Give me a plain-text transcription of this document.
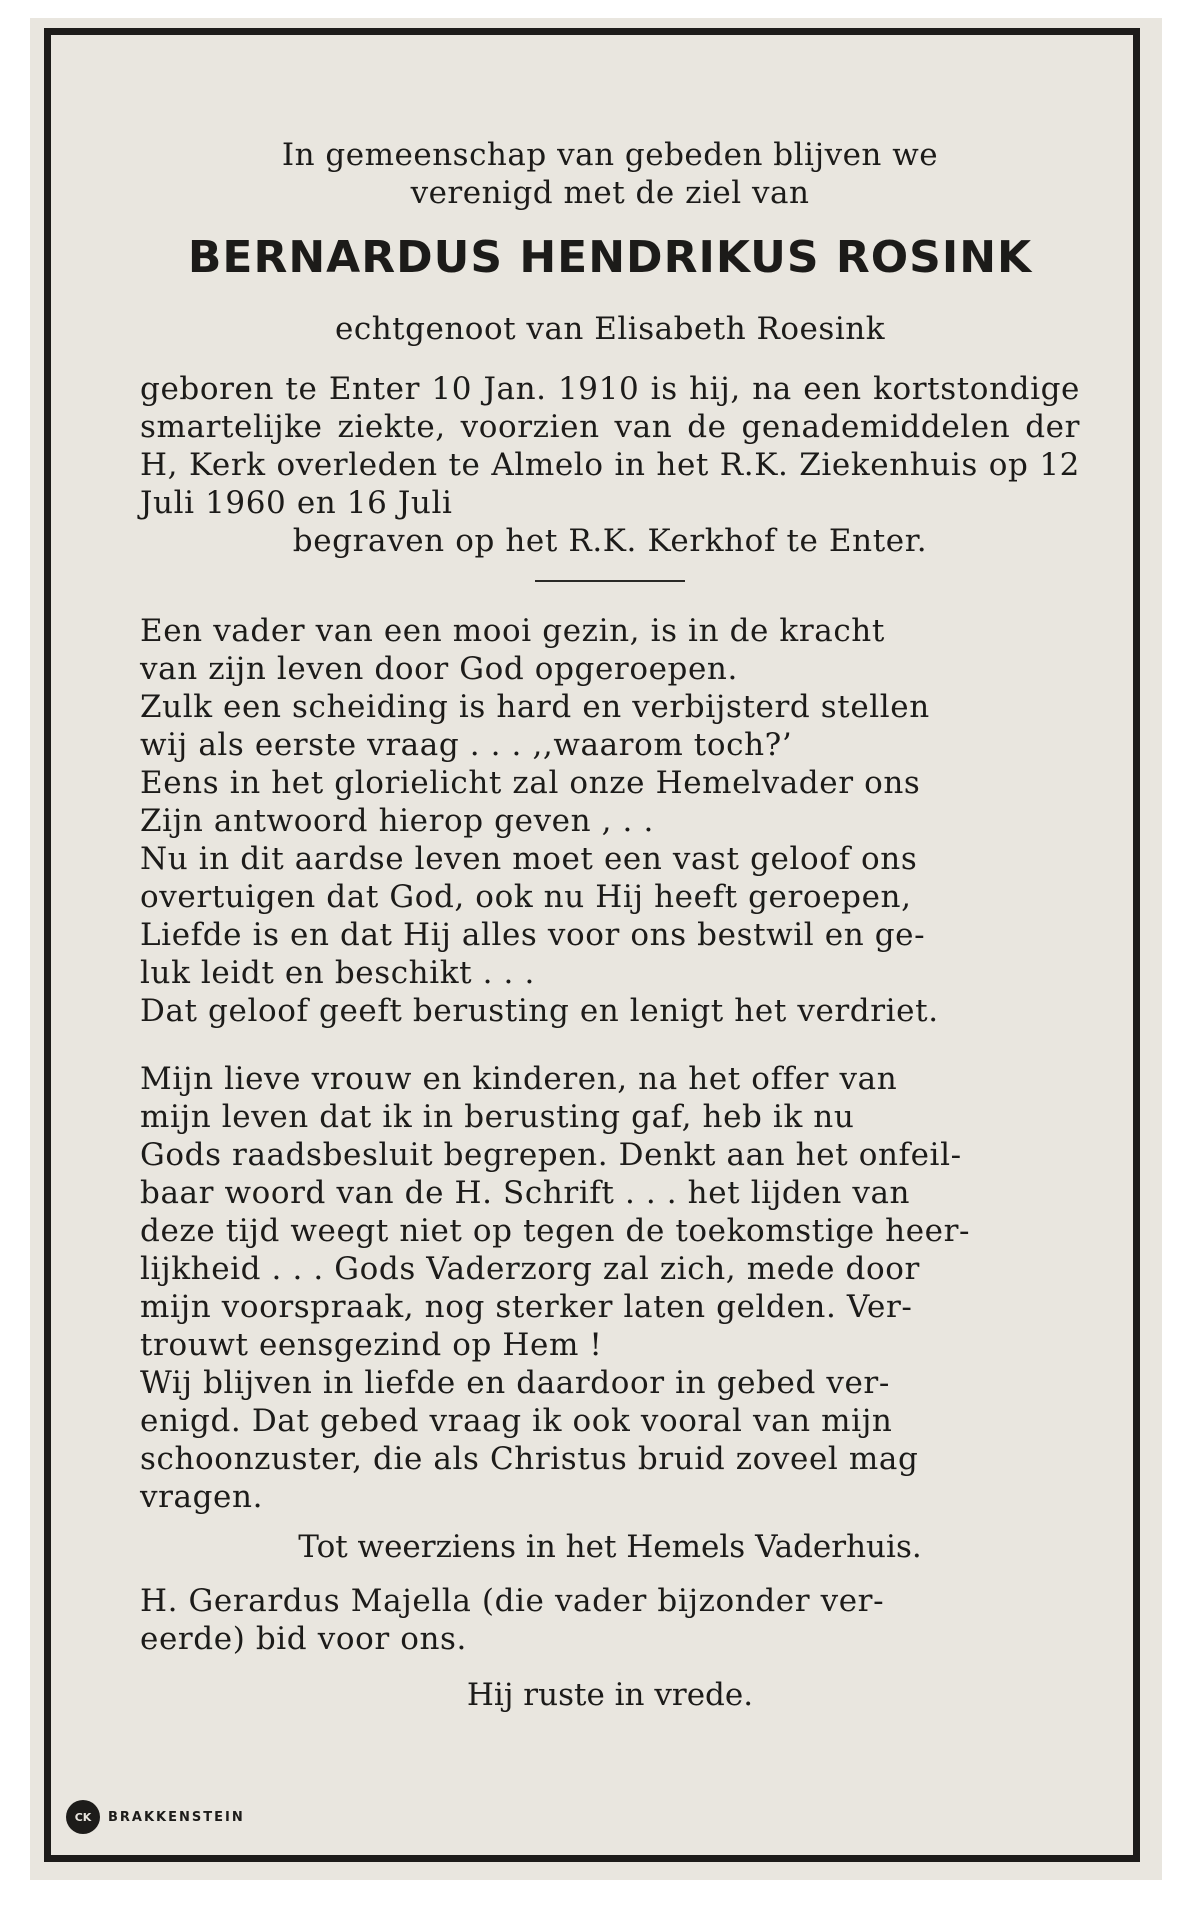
In gemeenschap van gebeden blijven we
verenigd met de ziel van
BERNARDUS HENDRIKUS ROSINK
echtgenoot van Elisabeth Roesink
geboren te Enter 10 Jan. 1910 is hij, na een kortstondige smartelijke ziekte, voorzien van de genademiddelen der H, Kerk overleden te Almelo in het R.K. Ziekenhuis op 12 Juli 1960 en 16 Juli
begraven op het R.K. Kerkhof te Enter.
Een vader van een mooi gezin, is in de kracht
van zijn leven door God opgeroepen.
Zulk een scheiding is hard en verbijsterd stellen
wij als eerste vraag . . . ,,waarom toch?’
Eens in het glorielicht zal onze Hemelvader ons
Zijn antwoord hierop geven , . .
Nu in dit aardse leven moet een vast geloof ons
overtuigen dat God, ook nu Hij heeft geroepen,
Liefde is en dat Hij alles voor ons bestwil en ge-
luk leidt en beschikt . . .
Dat geloof geeft berusting en lenigt het verdriet.
Mijn lieve vrouw en kinderen, na het offer van
mijn leven dat ik in berusting gaf, heb ik nu
Gods raadsbesluit begrepen. Denkt aan het onfeil-
baar woord van de H. Schrift . . . het lijden van
deze tijd weegt niet op tegen de toekomstige heer-
lijkheid . . . Gods Vaderzorg zal zich, mede door
mijn voorspraak, nog sterker laten gelden. Ver-
trouwt eensgezind op Hem !
Wij blijven in liefde en daardoor in gebed ver-
enigd. Dat gebed vraag ik ook vooral van mijn
schoonzuster, die als Christus bruid zoveel mag
vragen.
Tot weerziens in het Hemels Vaderhuis.
H. Gerardus Majella (die vader bijzonder ver-
eerde) bid voor ons.
Hij ruste in vrede.
CK	BRAKKENSTEIN
